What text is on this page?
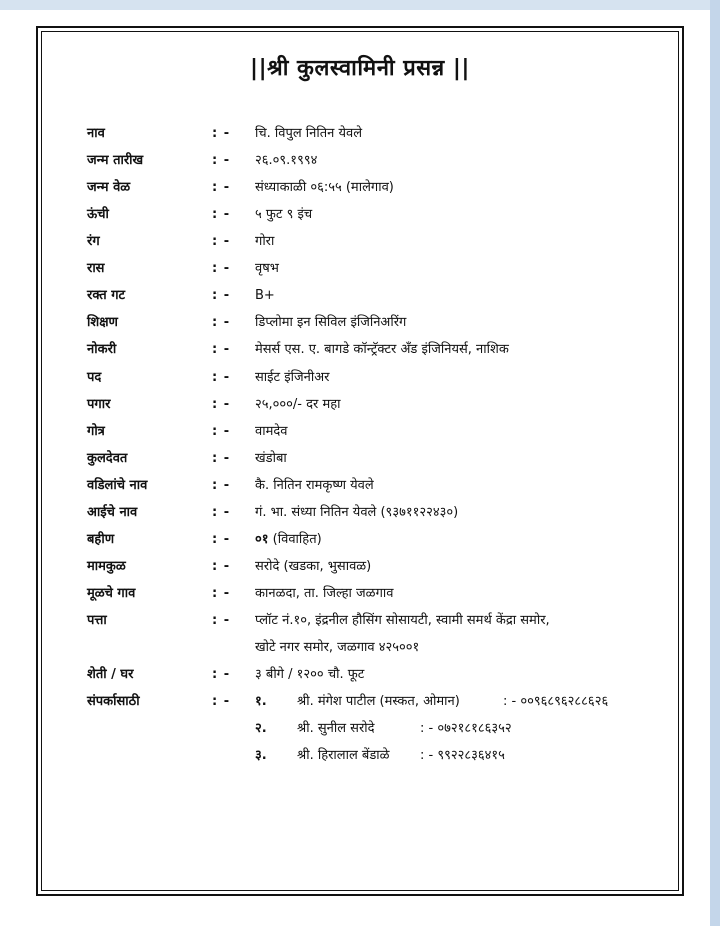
||श्री कुलस्वामिनी प्रसन्न ||
नाव	: - चि. विपुल नितिन येवले
जन्म तारीख	: - २६.०९.१९९४
जन्म वेळ	: - संध्याकाळी ०६:५५ (मालेगाव)
ऊंची	: - ५ फुट ९ इंच
रंग	: - गोरा
रास	: - वृषभ
रक्त गट	: - B+
शिक्षण	: - डिप्लोमा इन सिविल इंजिनिअरिंग
नोकरी	: - मेसर्स एस. ए. बागडे कॉन्ट्रॅक्टर अँड इंजिनियर्स, नाशिक
पद	: - साईट इंजिनीअर
पगार	: - २५,०००/- दर महा
गोत्र	: - वामदेव
कुलदेवत	: - खंडोबा
वडिलांचे नाव	: - कै. नितिन रामकृष्ण येवले
आईचे नाव	: - गं. भा. संध्या नितिन येवले (९३७११२२४३०)
बहीण	: - ०१ (विवाहित)
मामकुळ	: - सरोदे (खडका, भुसावळ)
मूळचे गाव	: - कानळदा, ता. जिल्हा जळगाव
पत्ता	: - प्लॉट नं.१०, इंद्रनील हौसिंग सोसायटी, स्वामी समर्थ केंद्रा समोर,
खोटे नगर समोर, जळगाव ४२५००१
शेती / घर	: - ३ बीगे / १२०० चौ. फूट
संपर्कासाठी	: - १. श्री. मंगेश पाटील (मस्कत, ओमान)	: - ००९६८९६२८८६२६
२. श्री. सुनील सरोदे	: - ०७२१८१८६३५२
३. श्री. हिरालाल बेंडाळे : - ९९२२८३६४१५
